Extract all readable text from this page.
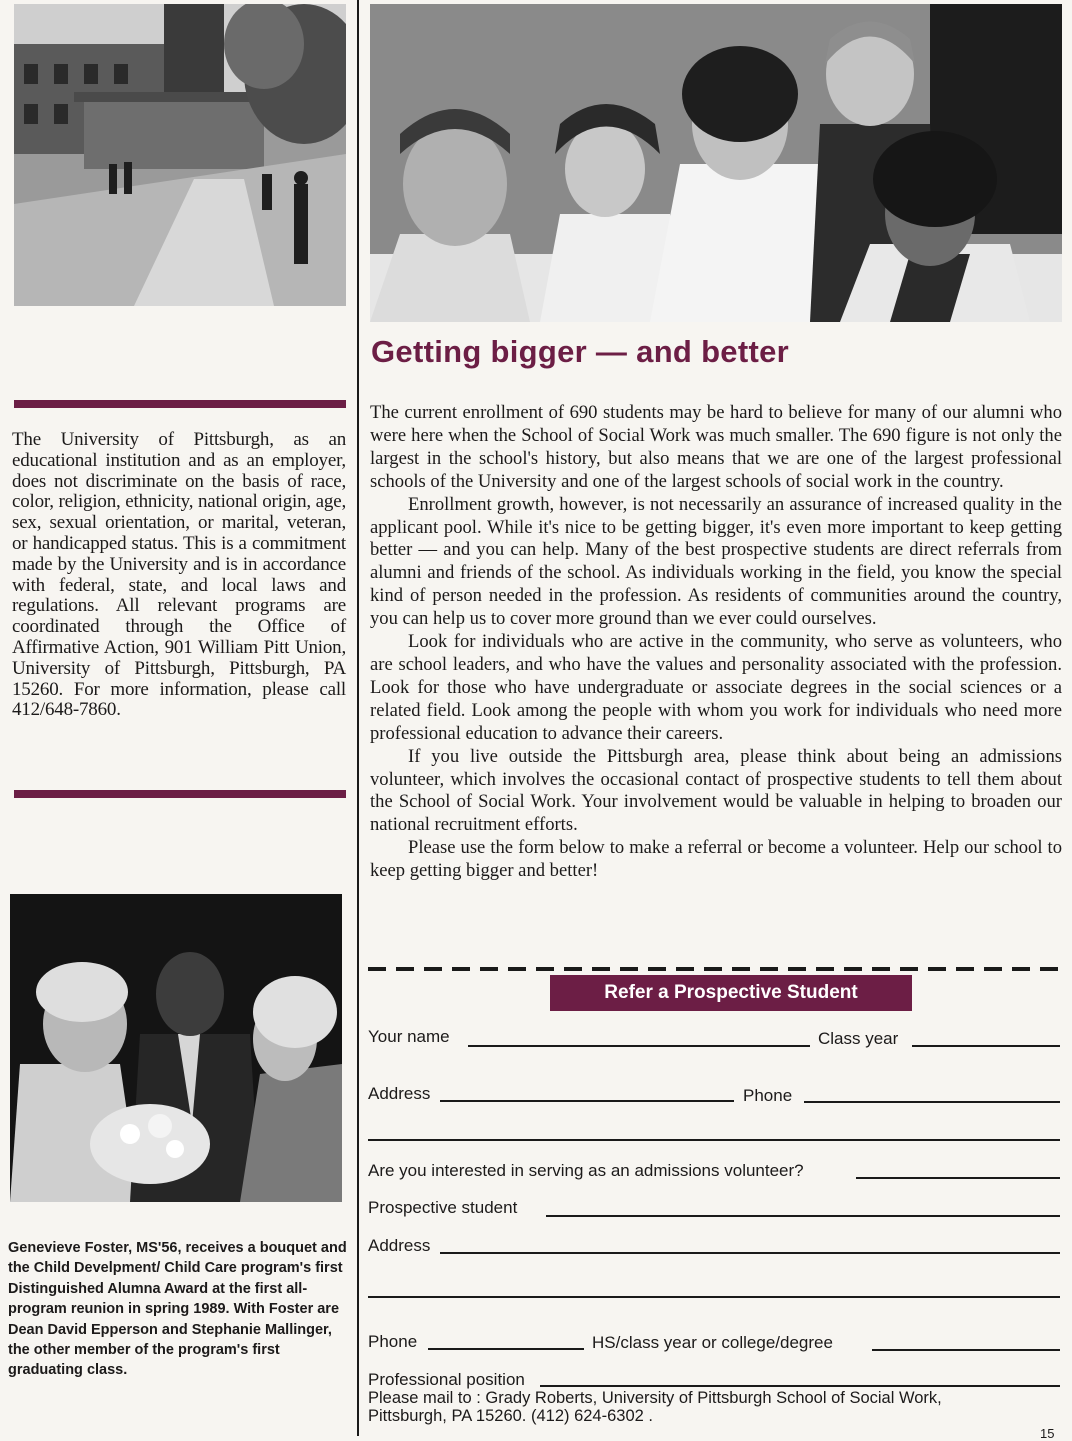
The University of Pittsburgh, as an educational institution and as an employer, does not discriminate on the basis of race, color, religion, ethnicity, national origin, age, sex, sexual orientation, or marital, veteran, or handicapped status. This is a commitment made by the University and is in accordance with federal, state, and local laws and regulations. All relevant programs are coordinated through the Office of Affirmative Action, 901 William Pitt Union, University of Pittsburgh, Pittsburgh, PA 15260. For more information, please call 412/648-7860.
Genevieve Foster, MS'56, receives a bouquet and the Child Develpment/ Child Care program's first Distinguished Alumna Award at the first all-program reunion in spring 1989. With Foster are Dean David Epperson and Stephanie Mallinger, the other member of the program's first graduating class.
Getting bigger — and better

The current enrollment of 690 students may be hard to believe for many of our alumni who were here when the School of Social Work was much smaller. The 690 figure is not only the largest in the school's history, but also means that we are one of the largest professional schools of the University and one of the largest schools of social work in the country.

Enrollment growth, however, is not necessarily an assurance of increased quality in the applicant pool. While it's nice to be getting bigger, it's even more important to keep getting better — and you can help. Many of the best prospective students are direct referrals from alumni and friends of the school. As individuals working in the field, you know the special kind of person needed in the profession. As residents of communities around the country, you can help us to cover more ground than we ever could ourselves.

Look for individuals who are active in the community, who serve as volunteers, who are school leaders, and who have the values and personality associated with the profession. Look for those who have undergraduate or associate degrees in the social sciences or a related field. Look among the people with whom you work for individuals who need more professional education to advance their careers.

If you live outside the Pittsburgh area, please think about being an admissions volunteer, which involves the occasional contact of prospective students to tell them about the School of Social Work. Your involvement would be valuable in helping to broaden our national recruitment efforts.

Please use the form below to make a referral or become a volunteer. Help our school to keep getting bigger and better!

Refer a Prospective Student
Your name	Class year
Address	Phone
Are you interested in serving as an admissions volunteer?
Prospective student
Address
Phone	HS/class year or college/degree
Professional position
Please mail to : Grady Roberts, University of Pittsburgh School of Social Work,
Pittsburgh, PA 15260. (412) 624-6302 .
15
